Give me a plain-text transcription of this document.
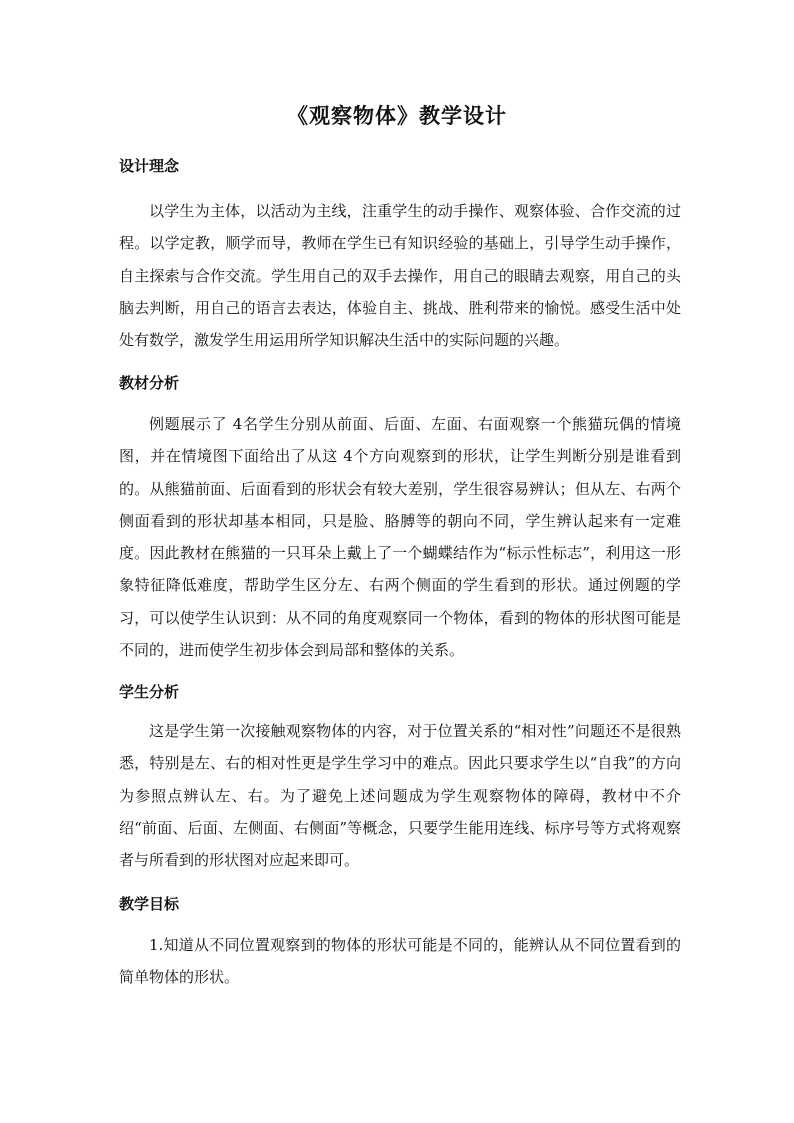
《观察物体》教学设计
设计理念

以学生为主体，以活动为主线，注重学生的动手操作、观察体验、合作交流的过程。以学定教，顺学而导，教师在学生已有知识经验的基础上，引导学生动手操作，自主探索与合作交流。学生用自己的双手去操作，用自己的眼睛去观察，用自己的头脑去判断，用自己的语言去表达，体验自主、挑战、胜利带来的愉悦。感受生活中处处有数学，激发学生用运用所学知识解决生活中的实际问题的兴趣。

教材分析

例题展示了 4名学生分别从前面、后面、左面、右面观察一个熊猫玩偶的情境图，并在情境图下面给出了从这 4个方向观察到的形状，让学生判断分别是谁看到的。从熊猫前面、后面看到的形状会有较大差别，学生很容易辨认；但从左、右两个侧面看到的形状却基本相同，只是脸、胳膊等的朝向不同，学生辨认起来有一定难度。因此教材在熊猫的一只耳朵上戴上了一个蝴蝶结作为“标示性标志”，利用这一形象特征降低难度，帮助学生区分左、右两个侧面的学生看到的形状。通过例题的学习，可以使学生认识到：从不同的角度观察同一个物体，看到的物体的形状图可能是不同的，进而使学生初步体会到局部和整体的关系。

学生分析

这是学生第一次接触观察物体的内容，对于位置关系的“相对性”问题还不是很熟悉，特别是左、右的相对性更是学生学习中的难点。因此只要求学生以“自我”的方向为参照点辨认左、右。为了避免上述问题成为学生观察物体的障碍，教材中不介绍“前面、后面、左侧面、右侧面”等概念，只要学生能用连线、标序号等方式将观察者与所看到的形状图对应起来即可。

教学目标

1.知道从不同位置观察到的物体的形状可能是不同的，能辨认从不同位置看到的简单物体的形状。
